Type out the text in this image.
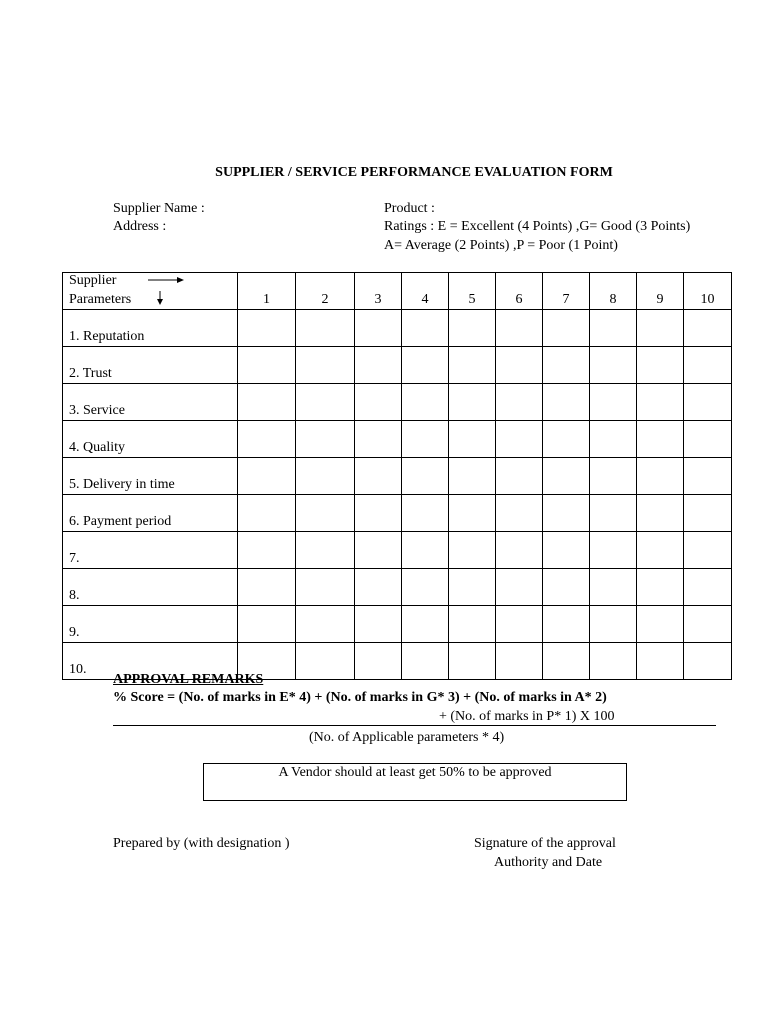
SUPPLIER / SERVICE PERFORMANCE EVALUATION FORM
Supplier Name :
Address :
Product :
Ratings : E = Excellent (4 Points) ,G= Good (3 Points)
A= Average (2 Points) ,P = Poor (1 Point)
Supplier
Parameters	1	2	3	4	5	6	7	8	9	10
1. Reputation										
2. Trust										
3. Service										
4. Quality										
5. Delivery in time										
6. Payment period										
7.										
8.										
9.										
10.										
APPROVAL REMARKS
% Score = (No. of marks in E* 4) + (No. of marks in G* 3) + (No. of marks in A* 2)
+ (No. of marks in P* 1) X 100
(No. of Applicable parameters * 4)
A Vendor should at least get 50% to be approved
Prepared by (with designation )	Signature of the approval
Authority and Date
